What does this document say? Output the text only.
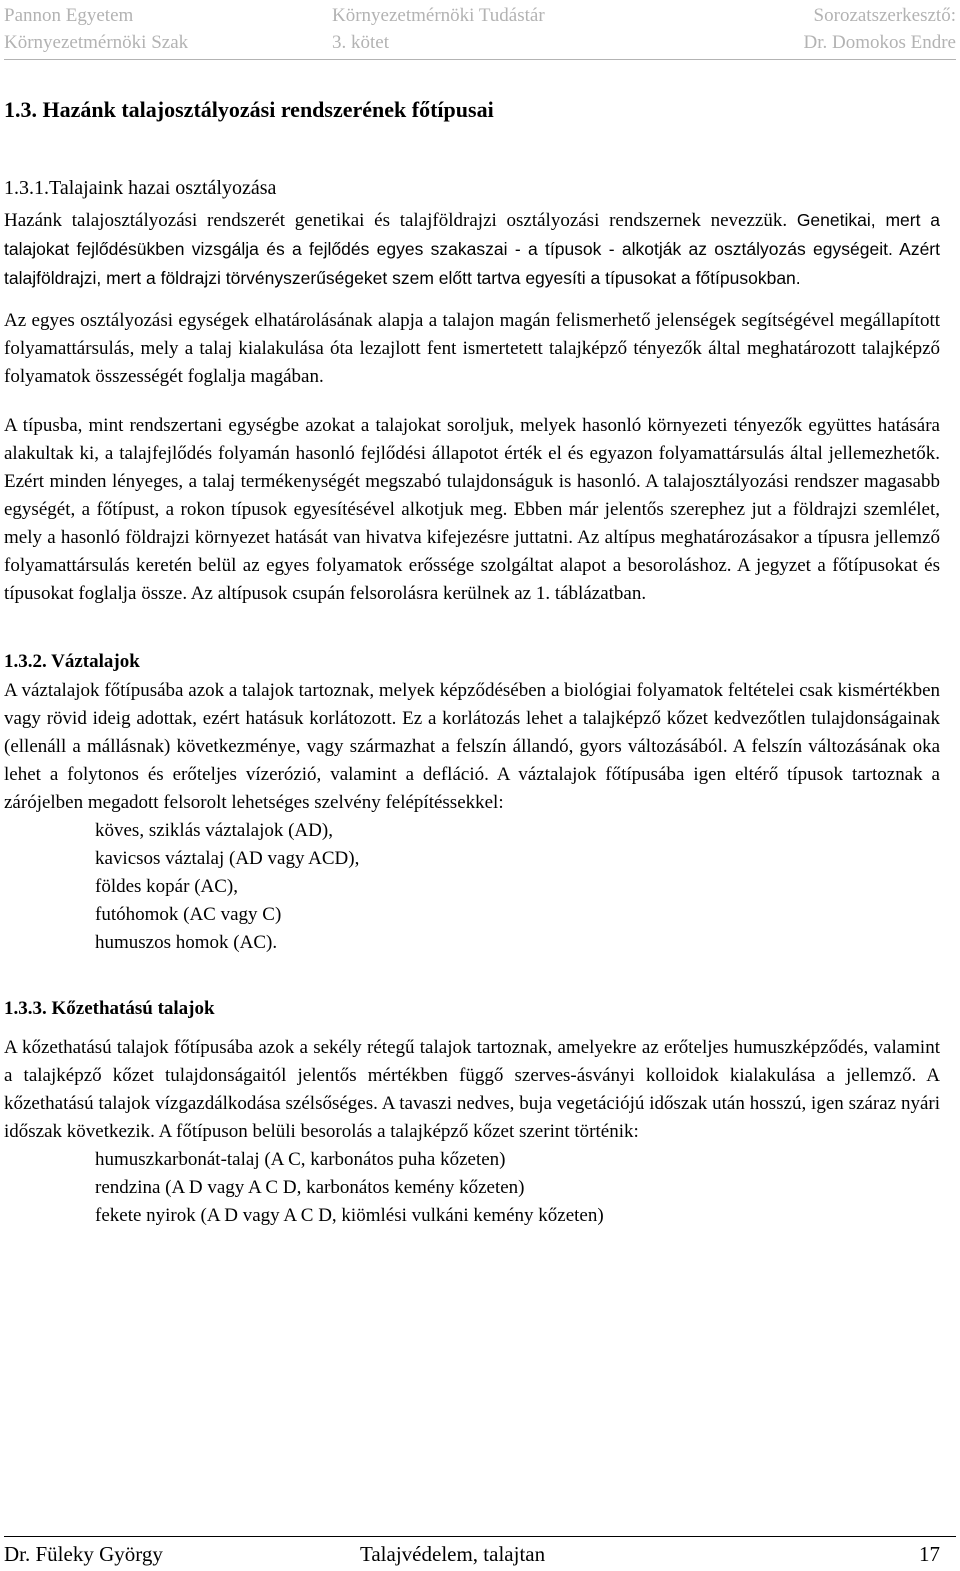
Pannon Egyetem
Környezetmérnöki Szak
Környezetmérnöki Tudástár
3. kötet
Sorozatszerkesztő:
Dr. Domokos Endre
1.3. Hazánk talajosztályozási rendszerének főtípusai
1.3.1.Talajaink hazai osztályozása

Hazánk talajosztályozási rendszerét genetikai és talajföldrajzi osztályozási rendszernek nevezzük. Genetikai, mert a talajokat fejlődésükben vizsgálja és a fejlődés egyes szakaszai - a típusok - alkotják az osztályozás egységeit. Azért talajföldrajzi, mert a földrajzi törvényszerűségeket szem előtt tartva egyesíti a típusokat a főtípusokban.

Az egyes osztályozási egységek elhatárolásának alapja a talajon magán felismerhető jelenségek segítségével megállapított folyamattársulás, mely a talaj kialakulása óta lezajlott fent ismertetett talajképző tényezők által meghatározott talajképző folyamatok összességét foglalja magában.

A típusba, mint rendszertani egységbe azokat a talajokat soroljuk, melyek hasonló környezeti tényezők együttes hatására alakultak ki, a talajfejlődés folyamán hasonló fejlődési állapotot érték el és egyazon folyamattársulás által jellemezhetők. Ezért minden lényeges, a talaj termékenységét megszabó tulajdonságuk is hasonló. A talajosztályozási rendszer magasabb egységét, a főtípust, a rokon típusok egyesítésével alkotjuk meg. Ebben már jelentős szerephez jut a földrajzi szemlélet, mely a hasonló földrajzi környezet hatását van hivatva kifejezésre juttatni. Az altípus meghatározásakor a típusra jellemző folyamattársulás keretén belül az egyes folyamatok erőssége szolgáltat alapot a besoroláshoz. A jegyzet a főtípusokat és típusokat foglalja össze. Az altípusok csupán felsorolásra kerülnek az 1. táblázatban.

1.3.2. Váztalajok

A váztalajok főtípusába azok a talajok tartoznak, melyek képződésében a biológiai folyamatok feltételei csak kismértékben vagy rövid ideig adottak, ezért hatásuk korlátozott. Ez a korlátozás lehet a talajképző kőzet kedvezőtlen tulajdonságainak (ellenáll a mállásnak) következménye, vagy származhat a felszín állandó, gyors változásából. A felszín változásának oka lehet a folytonos és erőteljes vízerózió, valamint a defláció. A váztalajok főtípusába igen eltérő típusok tartoznak a zárójelben megadott felsorolt lehetséges szelvény felépítéssekkel:

köves, sziklás váztalajok (AD),
kavicsos váztalaj (AD vagy ACD),
földes kopár (AC),
futóhomok (AC vagy C)
humuszos homok (AC).
1.3.3. Kőzethatású talajok

A kőzethatású talajok főtípusába azok a sekély rétegű talajok tartoznak, amelyekre az erőteljes humuszképződés, valamint a talajképző kőzet tulajdonságaitól jelentős mértékben függő szerves-ásványi kolloidok kialakulása a jellemző. A kőzethatású talajok vízgazdálkodása szélsőséges. A tavaszi nedves, buja vegetációjú időszak után hosszú, igen száraz nyári időszak következik. A főtípuson belüli besorolás a talajképző kőzet szerint történik:

humuszkarbonát-talaj (A C, karbonátos puha kőzeten)
rendzina (A D vagy A C D, karbonátos kemény kőzeten)
fekete nyirok (A D vagy A C D, kiömlési vulkáni kemény kőzeten)
Dr. Füleky György	Talajvédelem, talajtan	17
